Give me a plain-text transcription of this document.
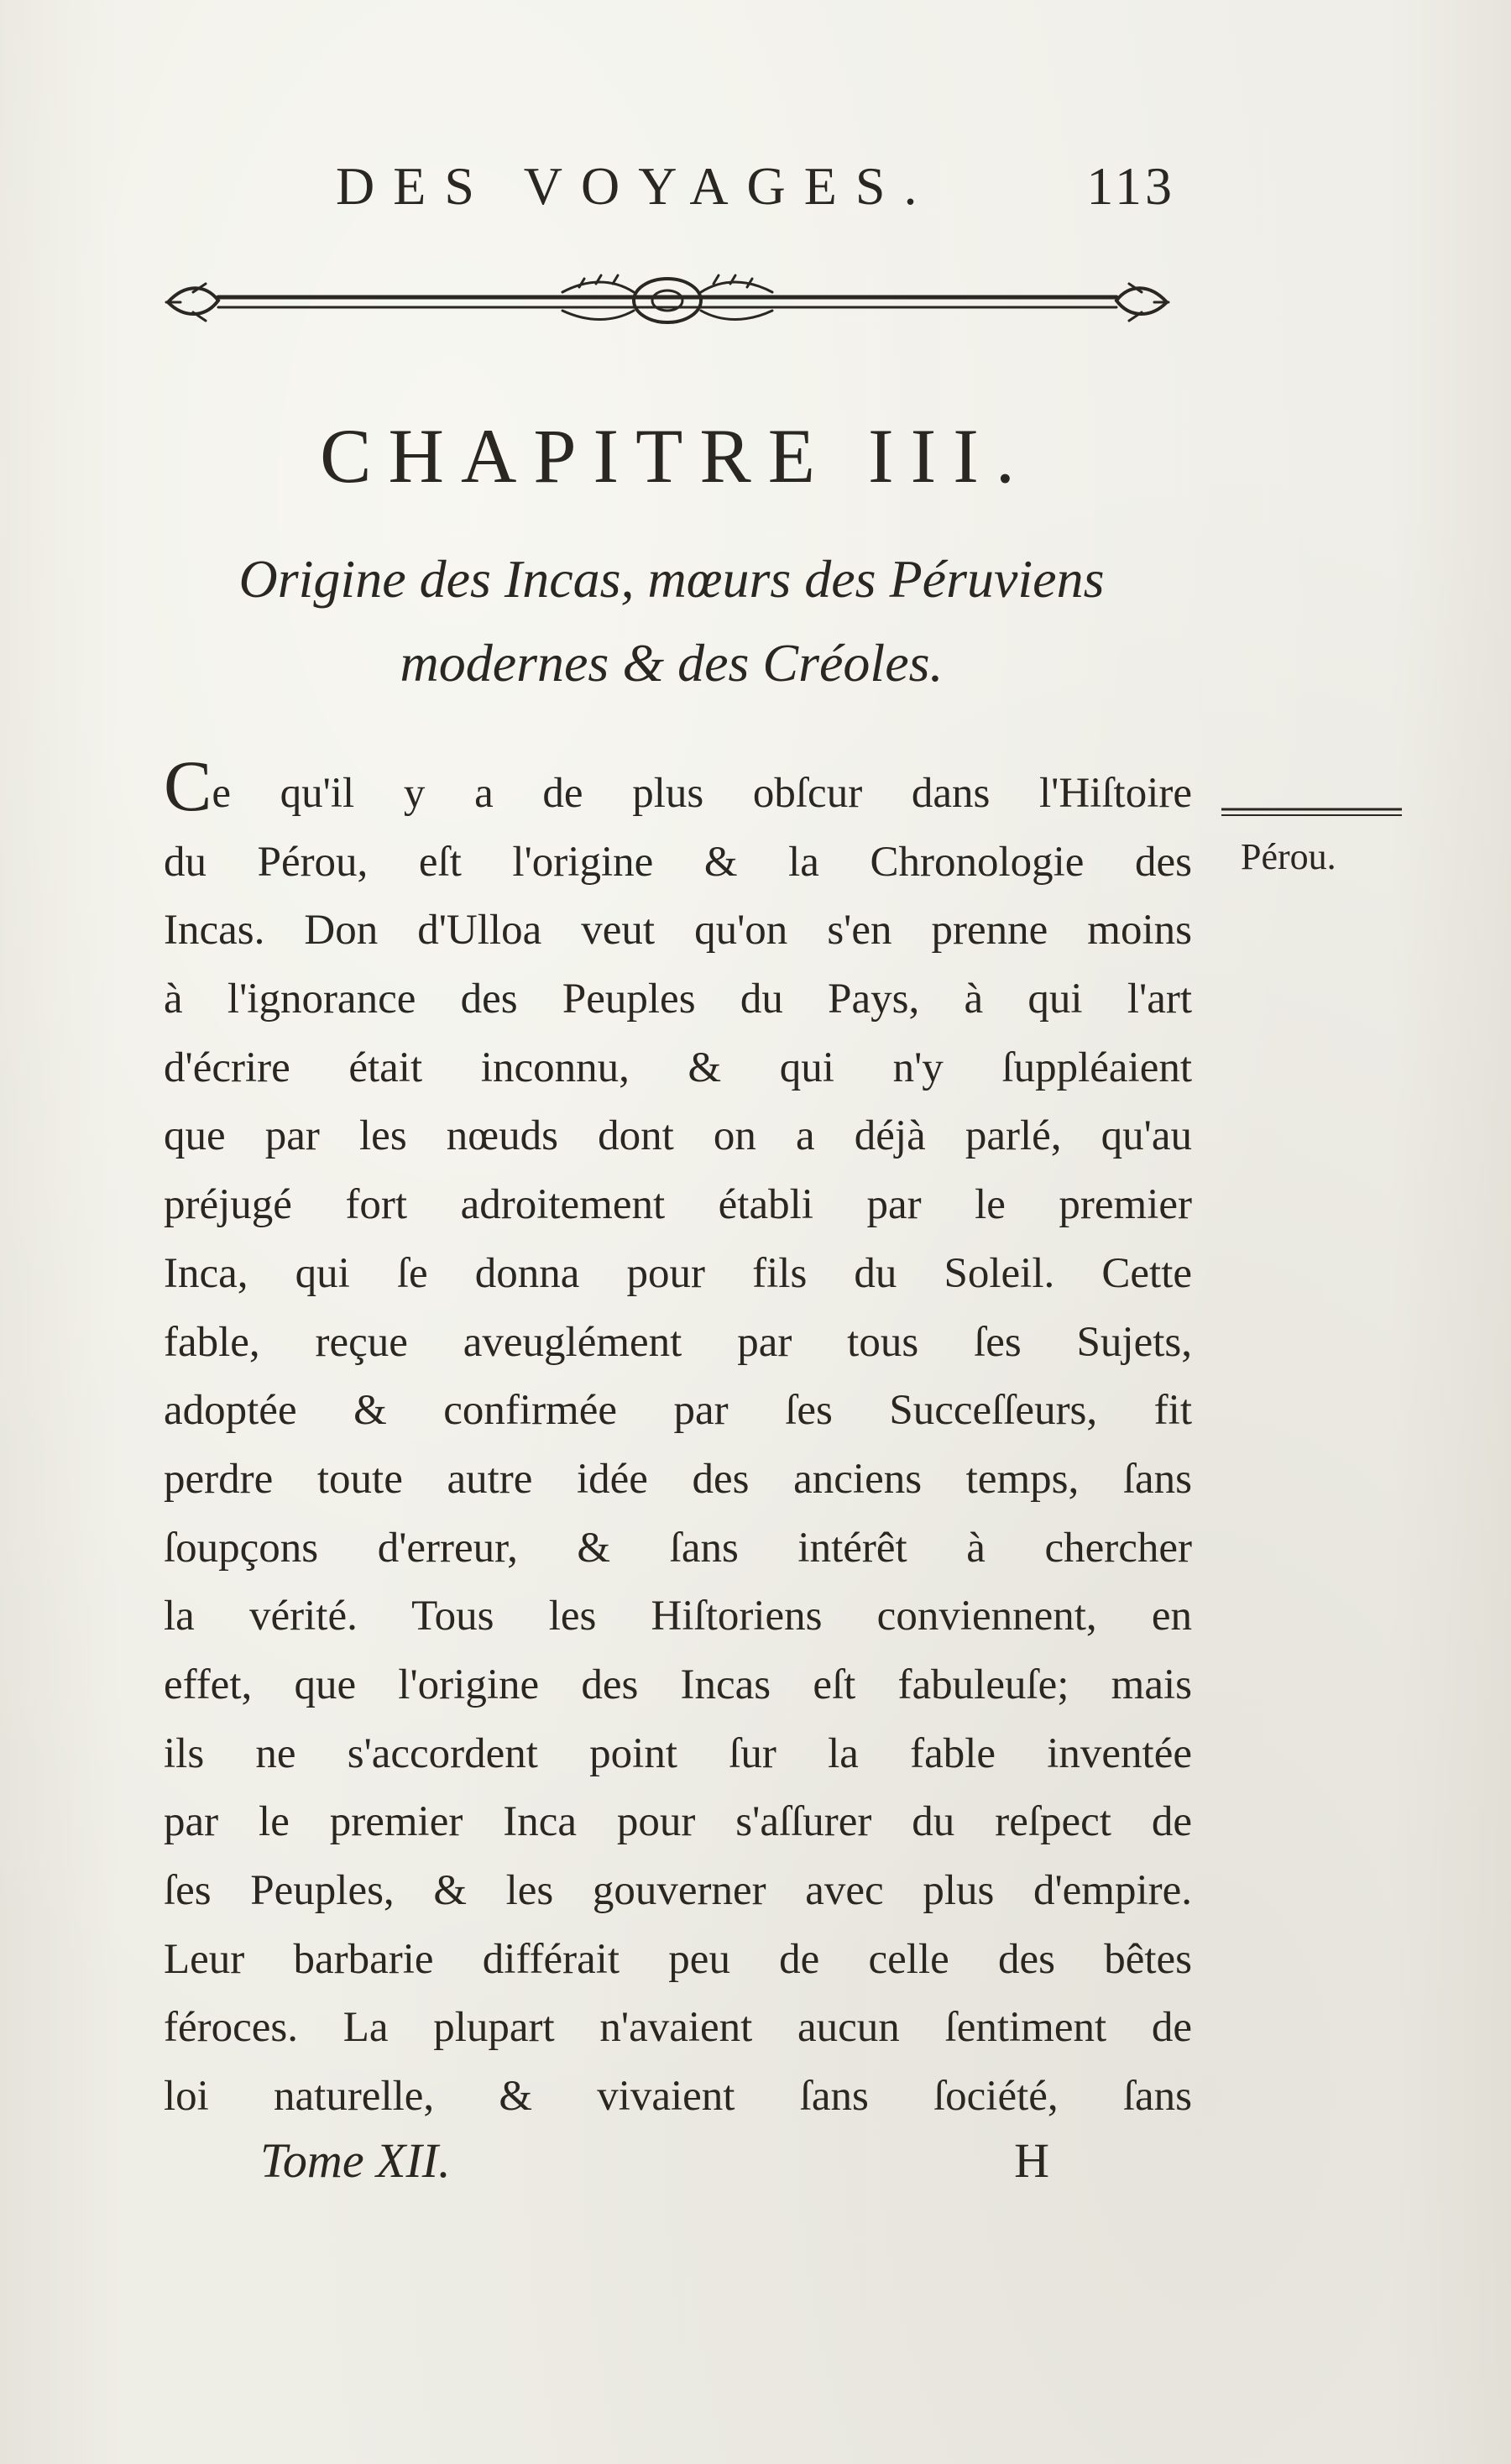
DES VOYAGES.	113
CHAPITRE III.
Origine des Incas, mœurs des Péruviens
modernes & des Créoles.
Pérou.
Ce qu'il y a de plus obſcur dans l'Hiſtoire
du Pérou, eſt l'origine & la Chronologie des
Incas. Don d'Ulloa veut qu'on s'en prenne moins
à l'ignorance des Peuples du Pays, à qui l'art
d'écrire était inconnu, & qui n'y ſuppléaient
que par les nœuds dont on a déjà parlé, qu'au
préjugé fort adroitement établi par le premier
Inca, qui ſe donna pour fils du Soleil. Cette
fable, reçue aveuglément par tous ſes Sujets,
adoptée & confirmée par ſes Succeſſeurs, fit
perdre toute autre idée des anciens temps, ſans
ſoupçons d'erreur, & ſans intérêt à chercher
la vérité. Tous les Hiſtoriens conviennent, en
effet, que l'origine des Incas eſt fabuleuſe; mais
ils ne s'accordent point ſur la fable inventée
par le premier Inca pour s'aſſurer du reſpect de
ſes Peuples, & les gouverner avec plus d'empire.
Leur barbarie différait peu de celle des bêtes
féroces. La plupart n'avaient aucun ſentiment de
loi naturelle, & vivaient ſans ſociété, ſans
Tome XII.	H
